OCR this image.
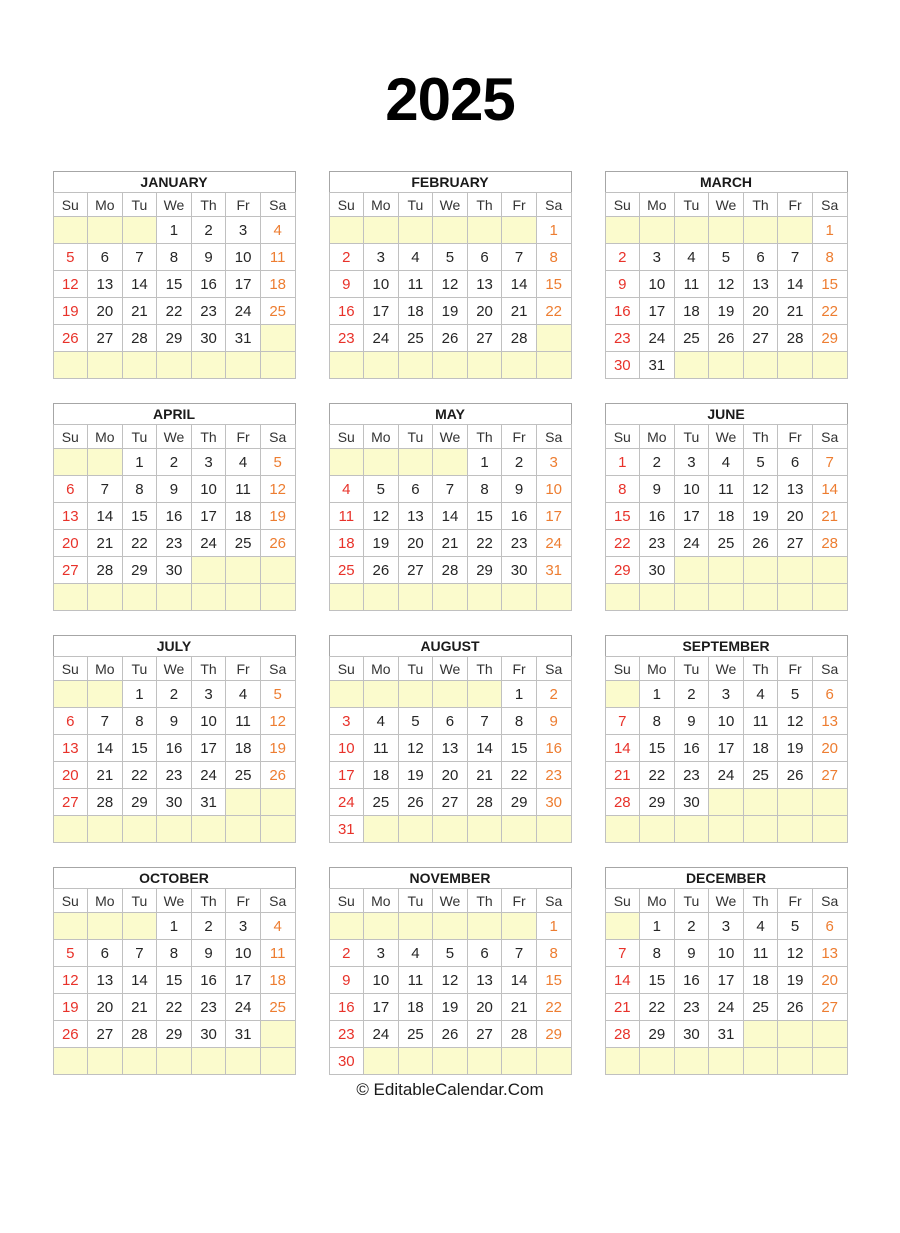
2025
JANUARY
Su	Mo	Tu	We	Th	Fr	Sa
			1	2	3	4
5	6	7	8	9	10	11
12	13	14	15	16	17	18
19	20	21	22	23	24	25
26	27	28	29	30	31	

FEBRUARY
Su	Mo	Tu	We	Th	Fr	Sa
						1
2	3	4	5	6	7	8
9	10	11	12	13	14	15
16	17	18	19	20	21	22
23	24	25	26	27	28	

MARCH
Su	Mo	Tu	We	Th	Fr	Sa
						1
2	3	4	5	6	7	8
9	10	11	12	13	14	15
16	17	18	19	20	21	22
23	24	25	26	27	28	29
30	31					
APRIL
Su	Mo	Tu	We	Th	Fr	Sa
		1	2	3	4	5
6	7	8	9	10	11	12
13	14	15	16	17	18	19
20	21	22	23	24	25	26
27	28	29	30			

MAY
Su	Mo	Tu	We	Th	Fr	Sa
				1	2	3
4	5	6	7	8	9	10
11	12	13	14	15	16	17
18	19	20	21	22	23	24
25	26	27	28	29	30	31

JUNE
Su	Mo	Tu	We	Th	Fr	Sa
1	2	3	4	5	6	7
8	9	10	11	12	13	14
15	16	17	18	19	20	21
22	23	24	25	26	27	28
29	30					

JULY
Su	Mo	Tu	We	Th	Fr	Sa
		1	2	3	4	5
6	7	8	9	10	11	12
13	14	15	16	17	18	19
20	21	22	23	24	25	26
27	28	29	30	31		

AUGUST
Su	Mo	Tu	We	Th	Fr	Sa
					1	2
3	4	5	6	7	8	9
10	11	12	13	14	15	16
17	18	19	20	21	22	23
24	25	26	27	28	29	30
31						
SEPTEMBER
Su	Mo	Tu	We	Th	Fr	Sa
	1	2	3	4	5	6
7	8	9	10	11	12	13
14	15	16	17	18	19	20
21	22	23	24	25	26	27
28	29	30				

OCTOBER
Su	Mo	Tu	We	Th	Fr	Sa
			1	2	3	4
5	6	7	8	9	10	11
12	13	14	15	16	17	18
19	20	21	22	23	24	25
26	27	28	29	30	31	

NOVEMBER
Su	Mo	Tu	We	Th	Fr	Sa
						1
2	3	4	5	6	7	8
9	10	11	12	13	14	15
16	17	18	19	20	21	22
23	24	25	26	27	28	29
30						
DECEMBER
Su	Mo	Tu	We	Th	Fr	Sa
	1	2	3	4	5	6
7	8	9	10	11	12	13
14	15	16	17	18	19	20
21	22	23	24	25	26	27
28	29	30	31			

© EditableCalendar.Com
